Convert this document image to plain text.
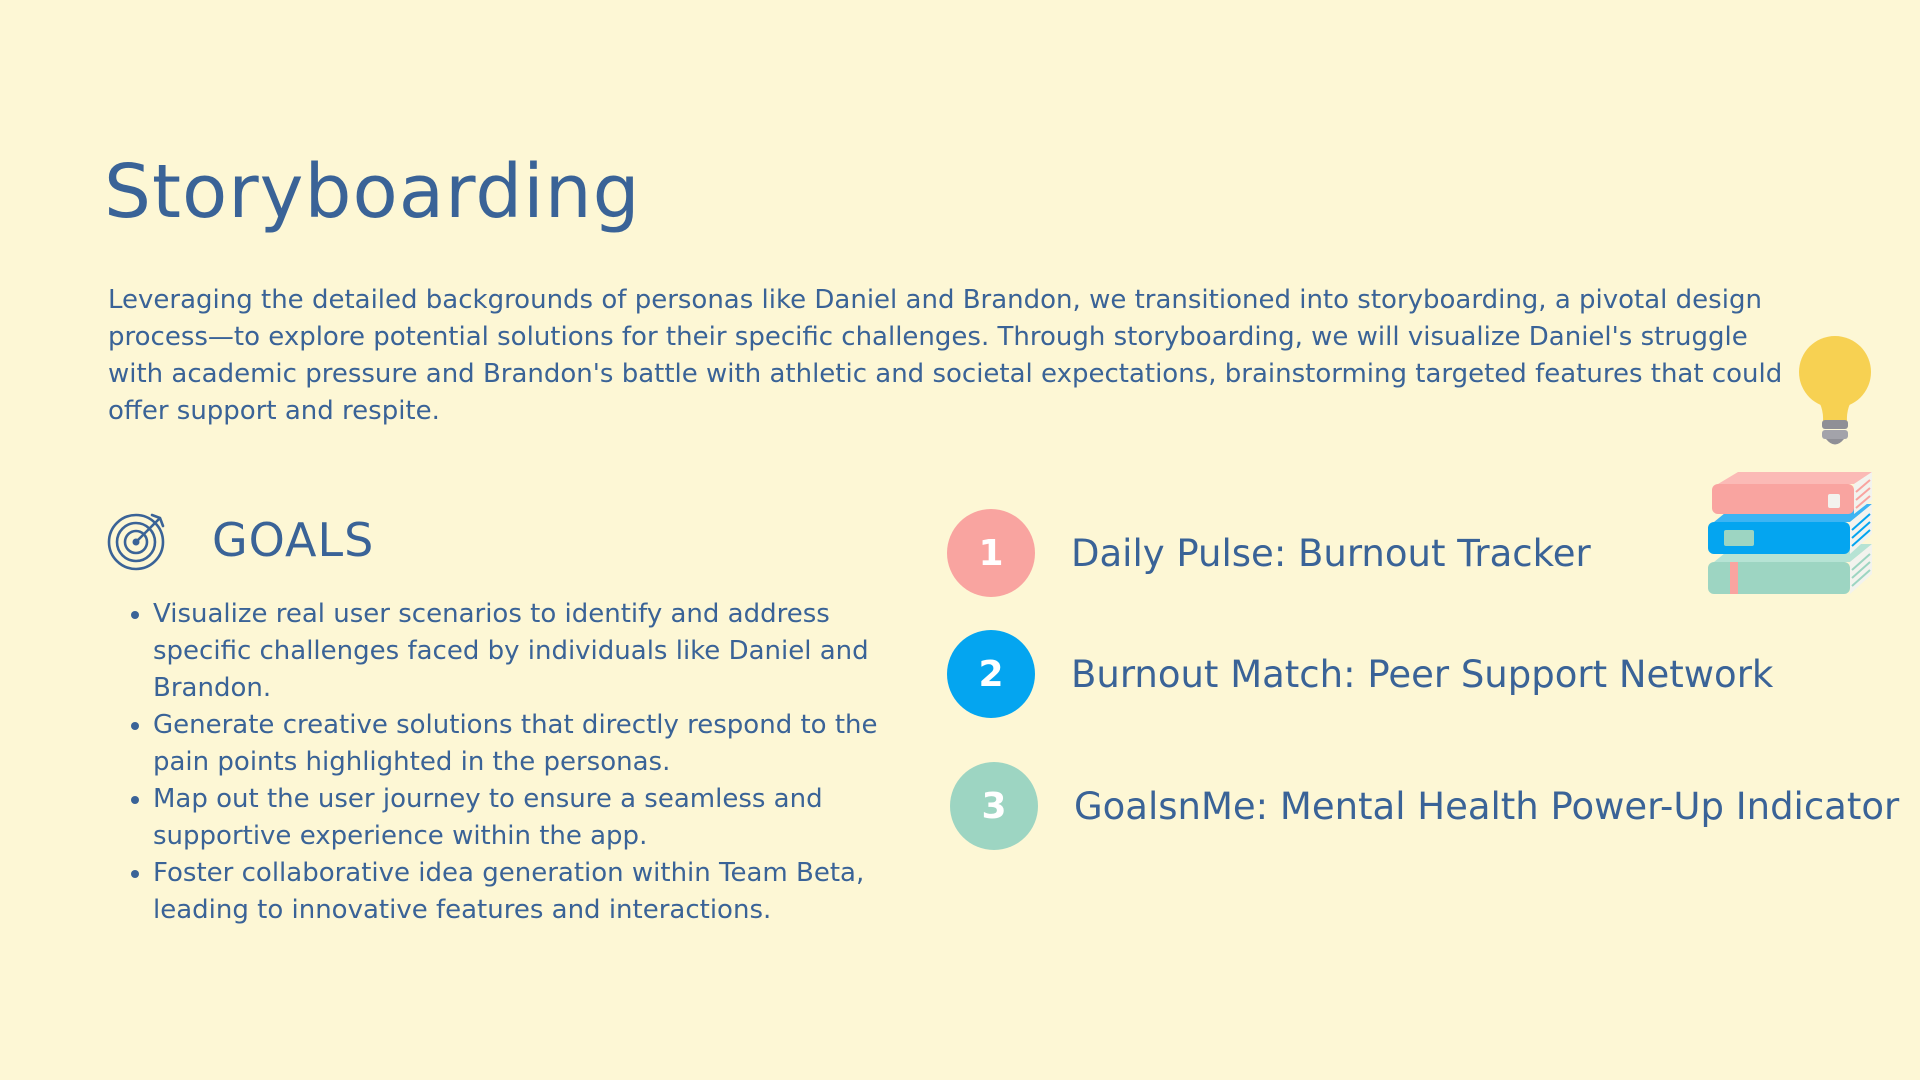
Storyboarding

Leveraging the detailed backgrounds of personas like Daniel and Brandon, we transitioned into storyboarding, a pivotal design process—to explore potential solutions for their specific challenges. Through storyboarding, we will visualize Daniel's struggle with academic pressure and Brandon's battle with athletic and societal expectations, brainstorming targeted features that could offer support and respite.

GOALS
• Visualize real user scenarios to identify and address specific challenges faced by individuals like Daniel and Brandon.
• Generate creative solutions that directly respond to the pain points highlighted in the personas.
• Map out the user journey to ensure a seamless and supportive experience within the app.
• Foster collaborative idea generation within Team Beta, leading to innovative features and interactions.
1	Daily Pulse: Burnout Tracker
2	Burnout Match: Peer Support Network
3	GoalsnMe: Mental Health Power-Up Indicator
